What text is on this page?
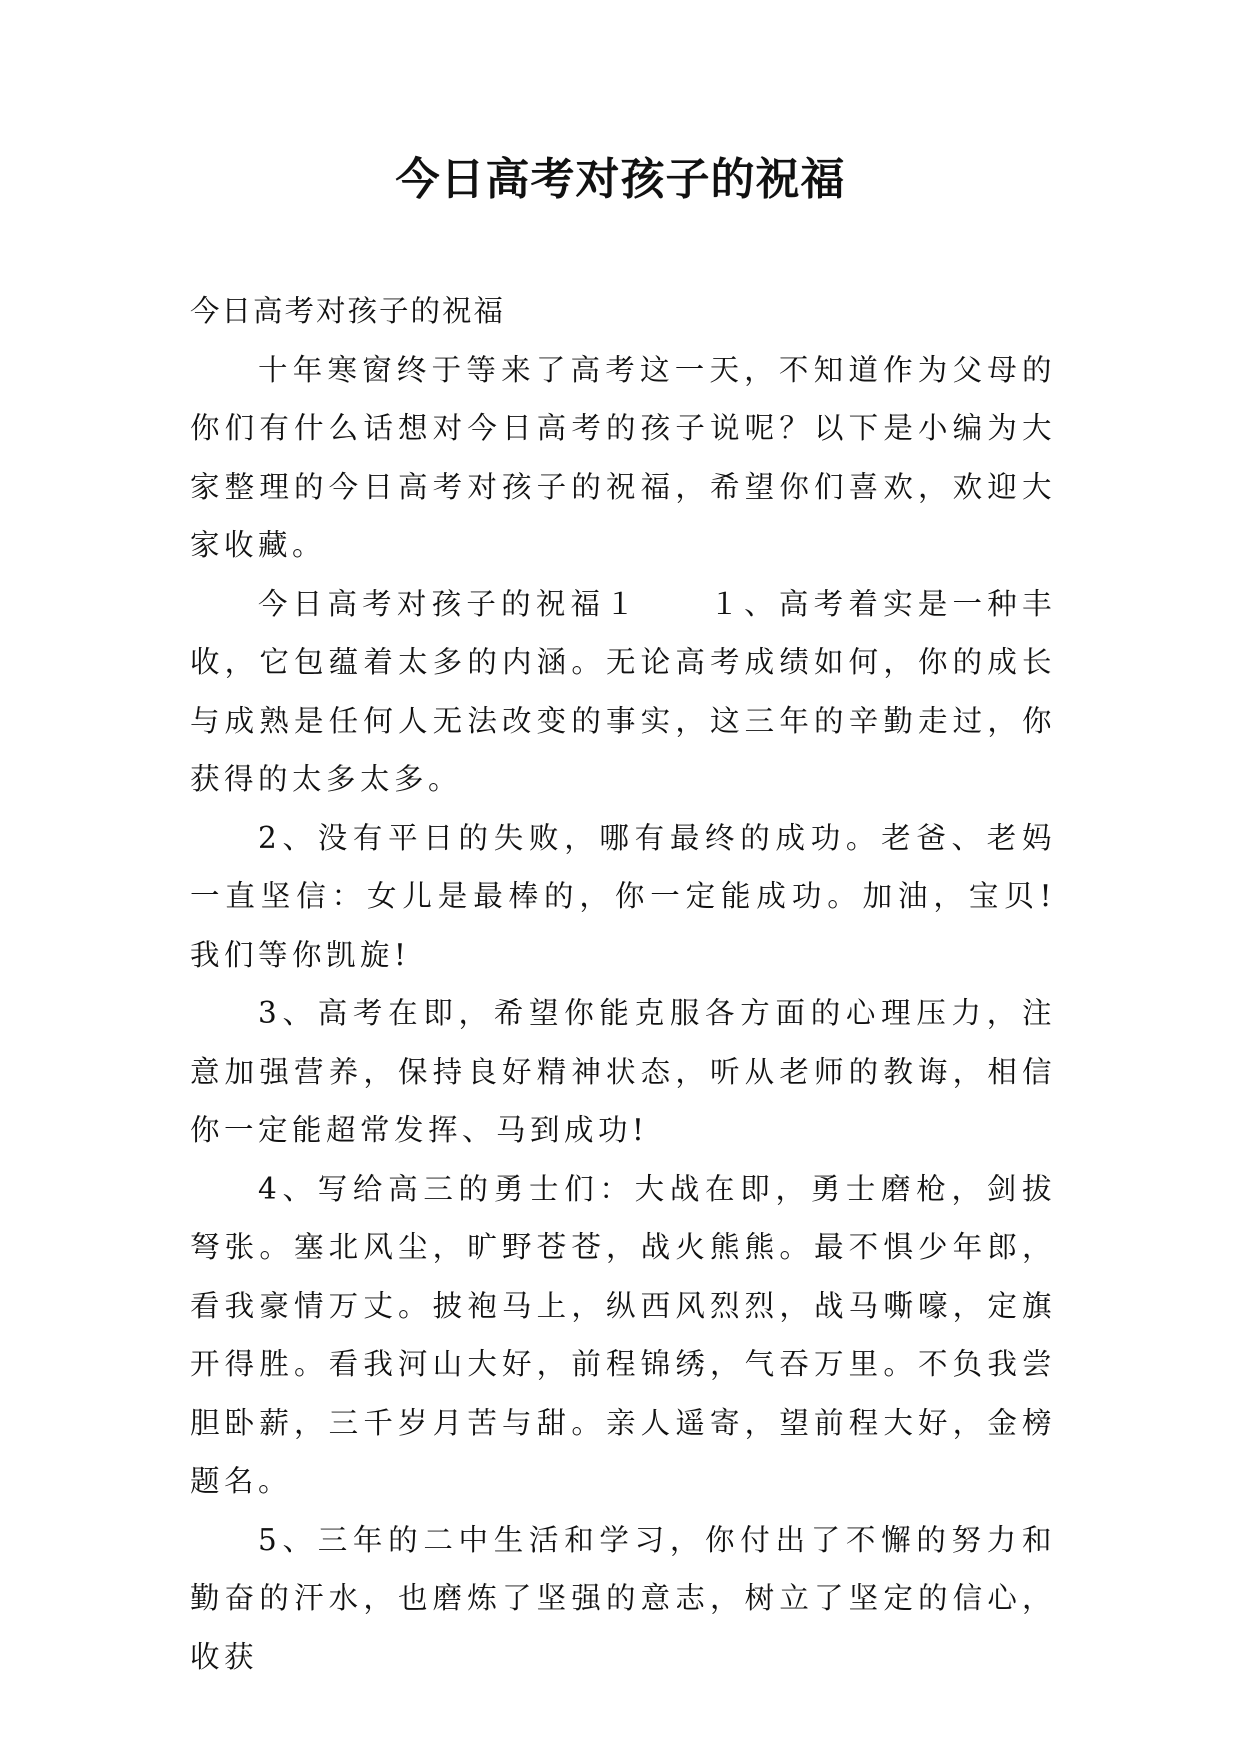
今日高考对孩子的祝福

今日高考对孩子的祝福

十年寒窗终于等来了高考这一天，不知道作为父母的你们有什么话想对今日高考的孩子说呢？以下是小编为大家整理的今日高考对孩子的祝福，希望你们喜欢，欢迎大家收藏。

今日高考对孩子的祝福１　　１、高考着实是一种丰收，它包蕴着太多的内涵。无论高考成绩如何，你的成长与成熟是任何人无法改变的事实，这三年的辛勤走过，你获得的太多太多。

2、没有平日的失败，哪有最终的成功。老爸、老妈一直坚信：女儿是最棒的，你一定能成功。加油，宝贝!我们等你凯旋!

3、高考在即，希望你能克服各方面的心理压力，注意加强营养，保持良好精神状态，听从老师的教诲，相信你一定能超常发挥、马到成功!

4、写给高三的勇士们：大战在即，勇士磨枪，剑拔弩张。塞北风尘，旷野苍苍，战火熊熊。最不惧少年郎，看我豪情万丈。披袍马上，纵西风烈烈，战马嘶嚎，定旗开得胜。看我河山大好，前程锦绣，气吞万里。不负我尝胆卧薪，三千岁月苦与甜。亲人遥寄，望前程大好，金榜题名。

5、三年的二中生活和学习，你付出了不懈的努力和勤奋的汗水，也磨炼了坚强的意志，树立了坚定的信心，收获
